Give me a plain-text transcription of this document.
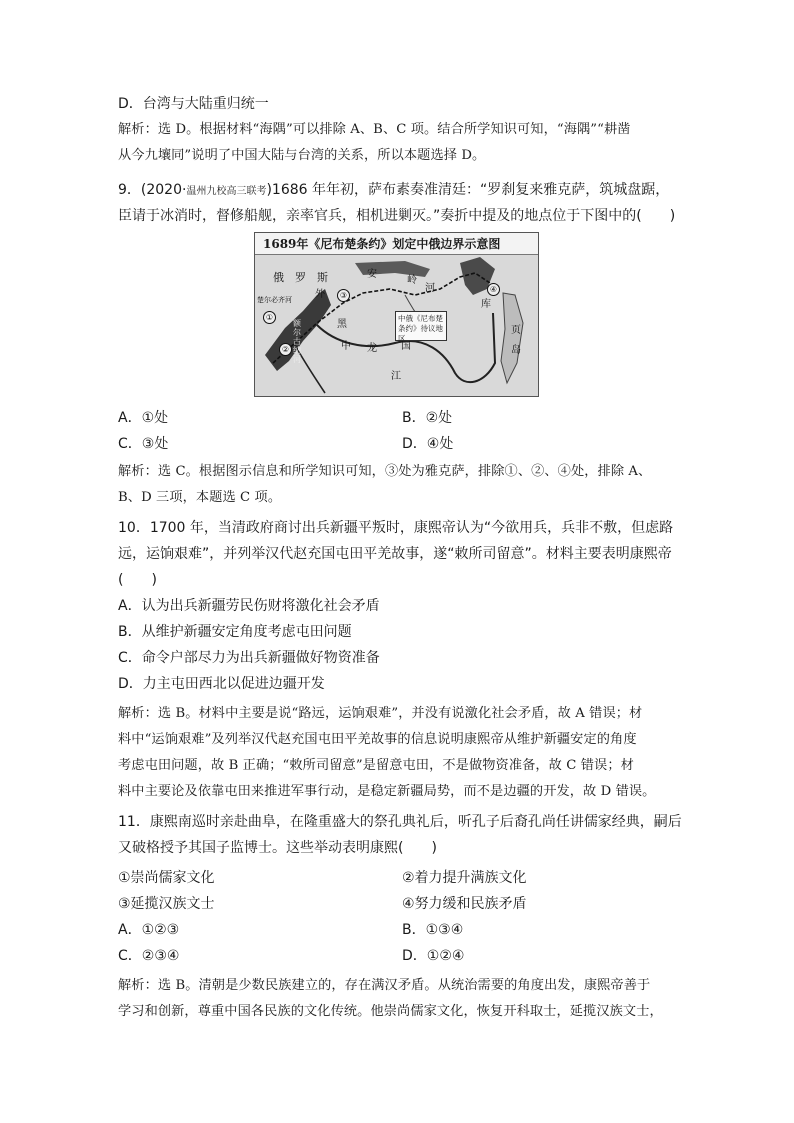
D．台湾与大陆重归统一
解析：选 D。根据材料“海隅”可以排除 A、B、C 项。结合所学知识可知，“海隅”“耕凿
从今九壤同”说明了中国大陆与台湾的关系，所以本题选择 D。
9．(2020·温州九校高三联考)1686 年年初，萨布素奏准清廷：“罗刹复来雅克萨，筑城盘踞，
臣请于冰消时，督修船舰，亲率官兵，相机进剿灭。”奏折中提及的地点位于下图中的(　　)
1689年《尼布楚条约》划定中俄边界示意图
俄　罗　斯	安
岭
河
库
页
岛
外
楚尔必齐河
黑
中 龙 国
江
额尔古纳河
中俄《尼布楚条约》待议地区
①
②
③
④
A．①处	B．②处
C．③处	D．④处
解析：选 C。根据图示信息和所学知识可知，③处为雅克萨，排除①、②、④处，排除 A、
B、D 三项，本题选 C 项。
10．1700 年，当清政府商讨出兵新疆平叛时，康熙帝认为“今欲用兵，兵非不敷，但虑路
远，运饷艰难”，并列举汉代赵充国屯田平羌故事，遂“敕所司留意”。材料主要表明康熙帝
(　　)
A．认为出兵新疆劳民伤财将激化社会矛盾
B．从维护新疆安定角度考虑屯田问题
C．命令户部尽力为出兵新疆做好物资准备
D．力主屯田西北以促进边疆开发
解析：选 B。材料中主要是说“路远，运饷艰难”，并没有说激化社会矛盾，故 A 错误；材
料中“运饷艰难”及列举汉代赵充国屯田平羌故事的信息说明康熙帝从维护新疆安定的角度
考虑屯田问题，故 B 正确；“敕所司留意”是留意屯田，不是做物资准备，故 C 错误；材
料中主要论及依靠屯田来推进军事行动，是稳定新疆局势，而不是边疆的开发，故 D 错误。
11．康熙南巡时亲赴曲阜，在隆重盛大的祭孔典礼后，听孔子后裔孔尚任讲儒家经典，嗣后
又破格授予其国子监博士。这些举动表明康熙(　　)
①崇尚儒家文化	②着力提升满族文化
③延揽汉族文士	④努力缓和民族矛盾
A．①②③	B．①③④
C．②③④	D．①②④
解析：选 B。清朝是少数民族建立的，存在满汉矛盾。从统治需要的角度出发，康熙帝善于
学习和创新，尊重中国各民族的文化传统。他崇尚儒家文化，恢复开科取士，延揽汉族文士，
